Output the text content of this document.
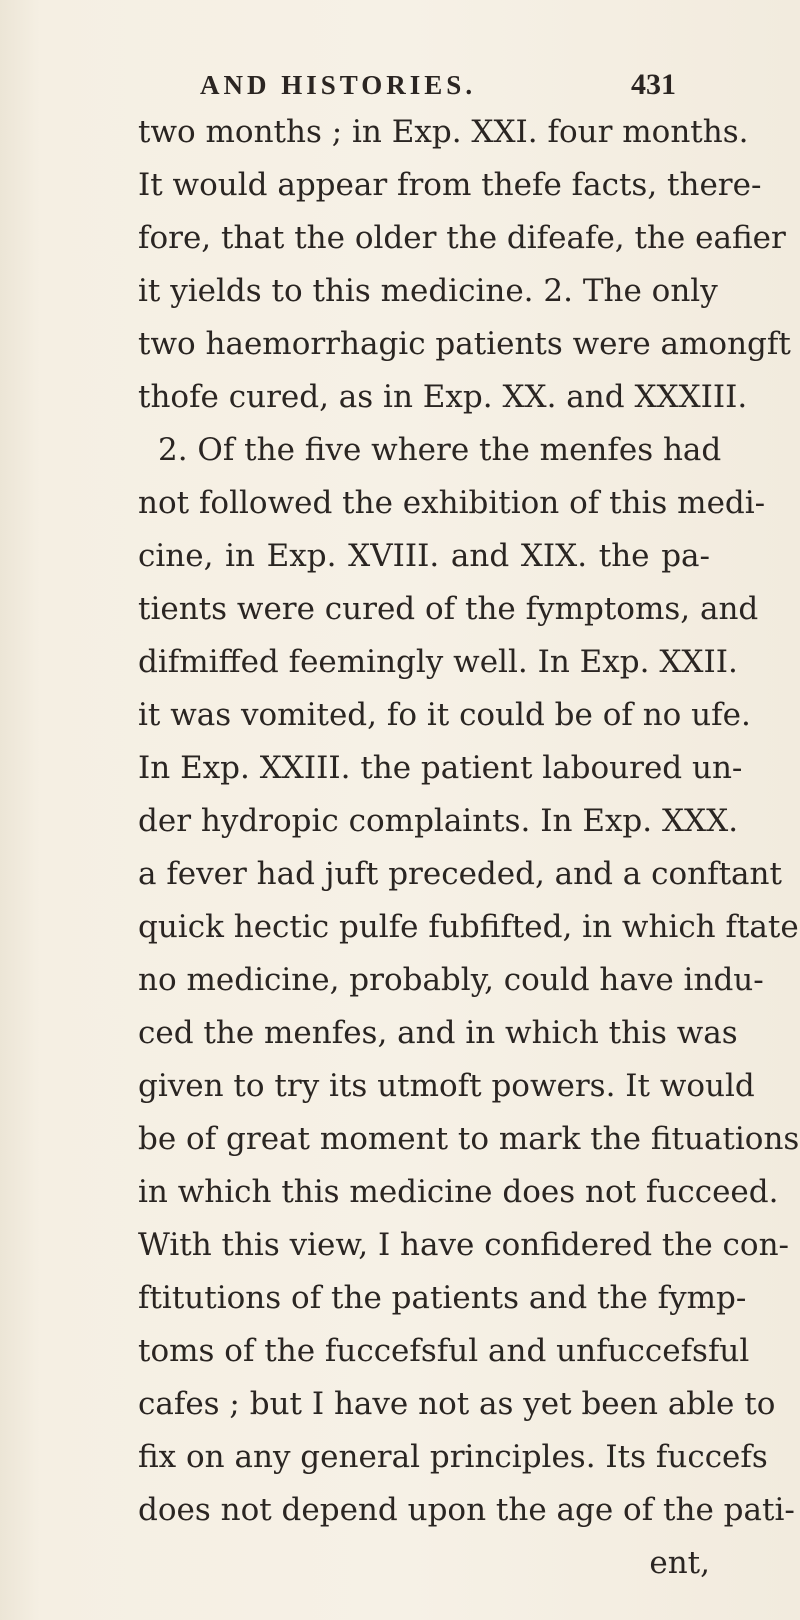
AND HISTORIES.	431
two months ; in Exp. XXI. four months.
It would appear from thefe facts, there-
fore, that the older the difeafe, the eafier
it yields to this medicine. 2. The only
two haemorrhagic patients were amongft
thofe cured, as in Exp. XX. and XXXIII.
2. Of the five where the menfes had
not followed the exhibition of this medi-
cine, in Exp. XVIII. and XIX. the pa-
tients were cured of the fymptoms, and
difmiffed feemingly well. In Exp. XXII.
it was vomited, fo it could be of no ufe.
In Exp. XXIII. the patient laboured un-
der hydropic complaints. In Exp. XXX.
a fever had juft preceded, and a conftant
quick hectic pulfe fubfifted, in which ftate
no medicine, probably, could have indu-
ced the menfes, and in which this was
given to try its utmoft powers. It would
be of great moment to mark the fituations
in which this medicine does not fucceed.
With this view, I have confidered the con-
ftitutions of the patients and the fymp-
toms of the fuccefsful and unfuccefsful
cafes ; but I have not as yet been able to
fix on any general principles. Its fuccefs
does not depend upon the age of the pati-
ent,
